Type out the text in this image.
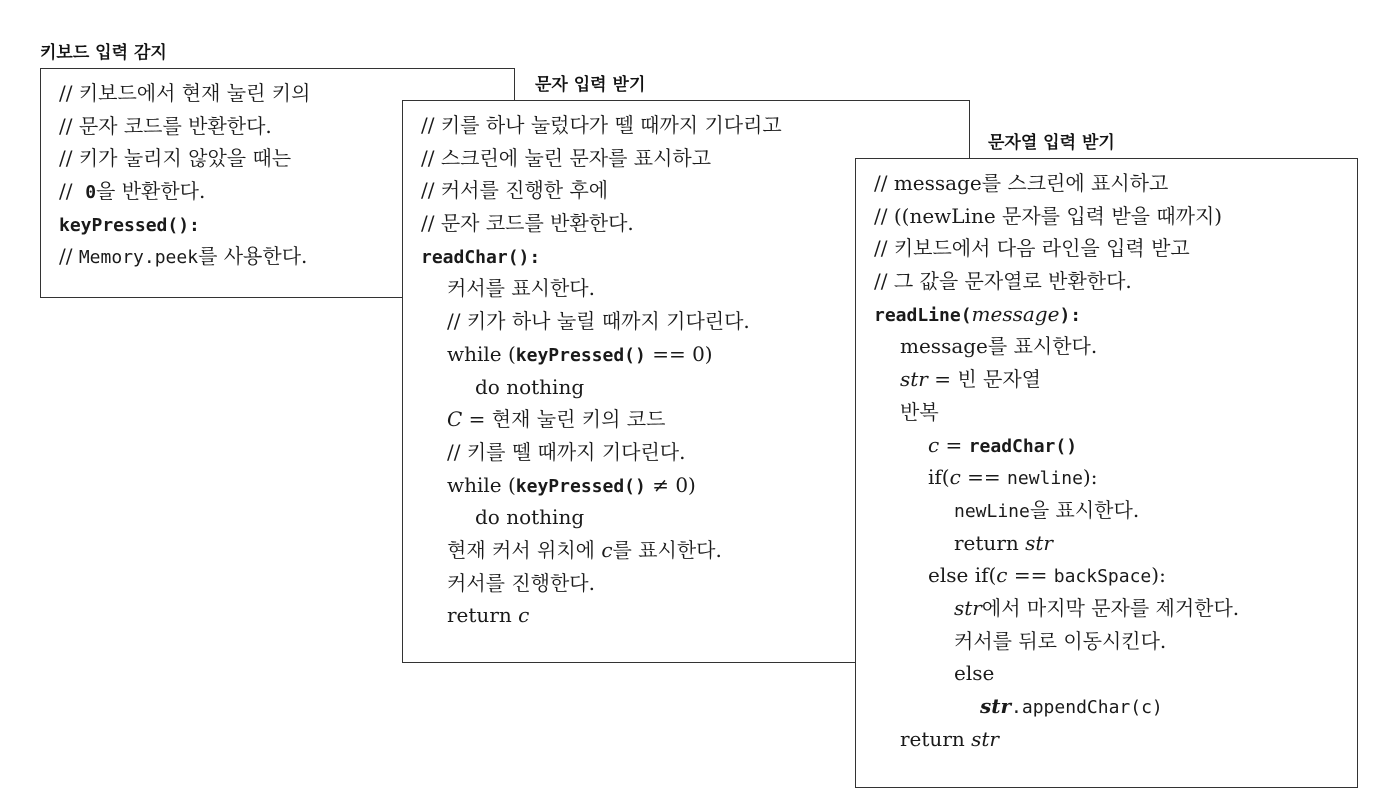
키보드 입력 감지
// 키보드에서 현재 눌린 키의
// 문자 코드를 반환한다.
// 키가 눌리지 않았을 때는
// 0을 반환한다.
keyPressed():
// Memory.peek를 사용한다.
문자 입력 받기
// 키를 하나 눌렀다가 뗄 때까지 기다리고
// 스크린에 눌린 문자를 표시하고
// 커서를 진행한 후에
// 문자 코드를 반환한다.
readChar():
커서를 표시한다.
// 키가 하나 눌릴 때까지 기다린다.
while (keyPressed() == 0)
do nothing
C = 현재 눌린 키의 코드
// 키를 뗄 때까지 기다린다.
while (keyPressed() ≠ 0)
do nothing
현재 커서 위치에 c를 표시한다.
커서를 진행한다.
return c
문자열 입력 받기
// message를 스크린에 표시하고
// ((newLine 문자를 입력 받을 때까지)
// 키보드에서 다음 라인을 입력 받고
// 그 값을 문자열로 반환한다.
readLine(message):
message를 표시한다.
str = 빈 문자열
반복
c = readChar()
if(c == newline):
newLine을 표시한다.
return str
else if(c == backSpace):
str에서 마지막 문자를 제거한다.
커서를 뒤로 이동시킨다.
else
str.appendChar(c)
return str
